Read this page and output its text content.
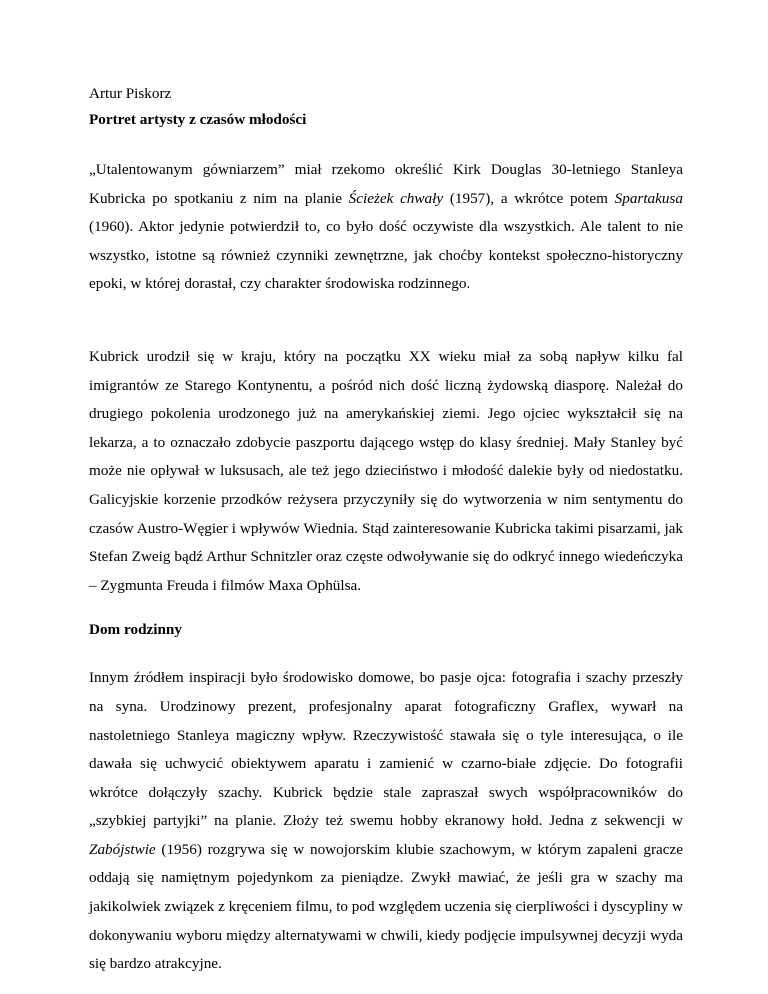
Artur Piskorz

Portret artysty z czasów młodości

„Utalentowanym gówniarzem” miał rzekomo określić Kirk Douglas 30-letniego Stanleya Kubricka po spotkaniu z nim na planie Ścieżek chwały (1957), a wkrótce potem Spartakusa (1960). Aktor jedynie potwierdził to, co było dość oczywiste dla wszystkich. Ale talent to nie wszystko, istotne są również czynniki zewnętrzne, jak choćby kontekst społeczno-historyczny epoki, w której dorastał, czy charakter środowiska rodzinnego.

Kubrick urodził się w kraju, który na początku XX wieku miał za sobą napływ kilku fal imigrantów ze Starego Kontynentu, a pośród nich dość liczną żydowską diasporę. Należał do drugiego pokolenia urodzonego już na amerykańskiej ziemi. Jego ojciec wykształcił się na lekarza, a to oznaczało zdobycie paszportu dającego wstęp do klasy średniej. Mały Stanley być może nie opływał w luksusach, ale też jego dzieciństwo i młodość dalekie były od niedostatku. Galicyjskie korzenie przodków reżysera przyczyniły się do wytworzenia w nim sentymentu do czasów Austro-Węgier i wpływów Wiednia. Stąd zainteresowanie Kubricka takimi pisarzami, jak Stefan Zweig bądź Arthur Schnitzler oraz częste odwoływanie się do odkryć innego wiedeńczyka – Zygmunta Freuda i filmów Maxa Ophülsa.

Dom rodzinny

Innym źródłem inspiracji było środowisko domowe, bo pasje ojca: fotografia i szachy przeszły na syna. Urodzinowy prezent, profesjonalny aparat fotograficzny Graflex, wywarł na nastoletniego Stanleya magiczny wpływ. Rzeczywistość stawała się o tyle interesująca, o ile dawała się uchwycić obiektywem aparatu i zamienić w czarno-białe zdjęcie. Do fotografii wkrótce dołączyły szachy. Kubrick będzie stale zapraszał swych współpracowników do „szybkiej partyjki” na planie. Złoży też swemu hobby ekranowy hołd. Jedna z sekwencji w Zabójstwie (1956) rozgrywa się w nowojorskim klubie szachowym, w którym zapaleni gracze oddają się namiętnym pojedynkom za pieniądze. Zwykł mawiać, że jeśli gra w szachy ma jakikolwiek związek z kręceniem filmu, to pod względem uczenia się cierpliwości i dyscypliny w dokonywaniu wyboru między alternatywami w chwili, kiedy podjęcie impulsywnej decyzji wyda się bardzo atrakcyjne.
